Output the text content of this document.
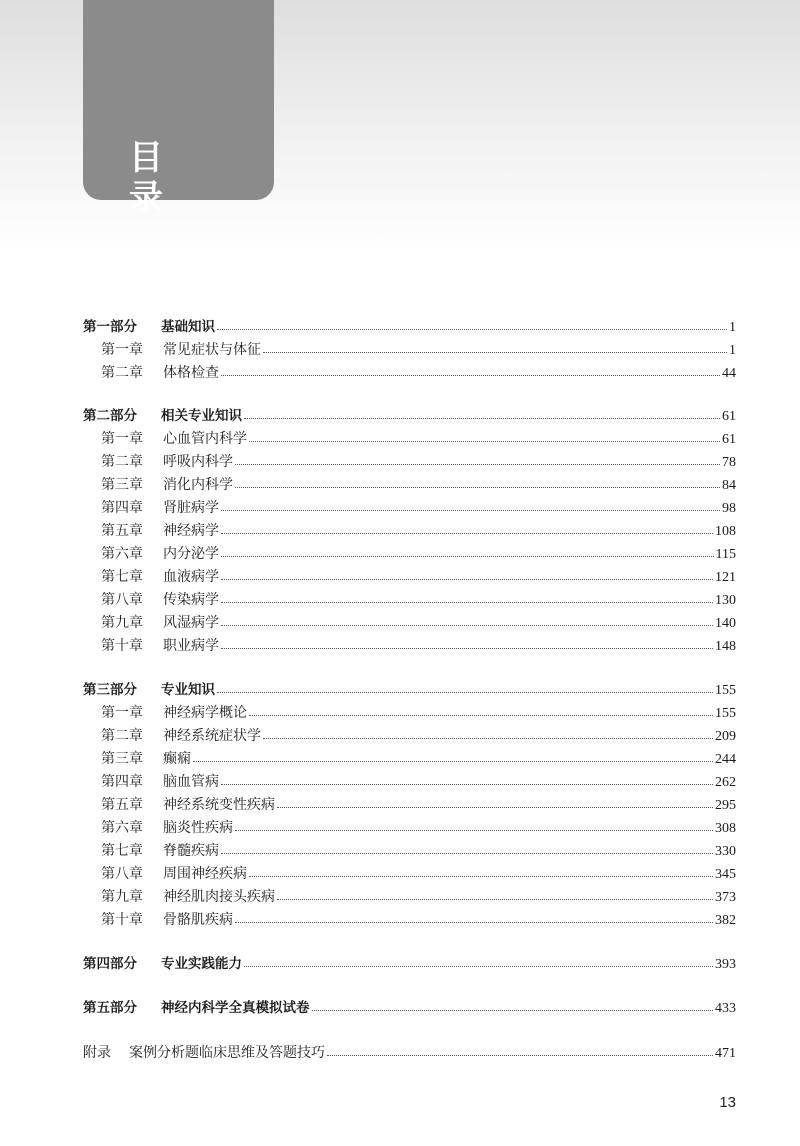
目 录
第一部分	基础知识	1
第一章	常见症状与体征	1
第二章	体格检查	44
第二部分	相关专业知识	61
第一章	心血管内科学	61
第二章	呼吸内科学	78
第三章	消化内科学	84
第四章	肾脏病学	98
第五章	神经病学	108
第六章	内分泌学	115
第七章	血液病学	121
第八章	传染病学	130
第九章	风湿病学	140
第十章	职业病学	148
第三部分	专业知识	155
第一章	神经病学概论	155
第二章	神经系统症状学	209
第三章	癫痫	244
第四章	脑血管病	262
第五章	神经系统变性疾病	295
第六章	脑炎性疾病	308
第七章	脊髓疾病	330
第八章	周围神经疾病	345
第九章	神经肌肉接头疾病	373
第十章	骨骼肌疾病	382
第四部分	专业实践能力	393
第五部分	神经内科学全真模拟试卷	433
附录	案例分析题临床思维及答题技巧	471
13
